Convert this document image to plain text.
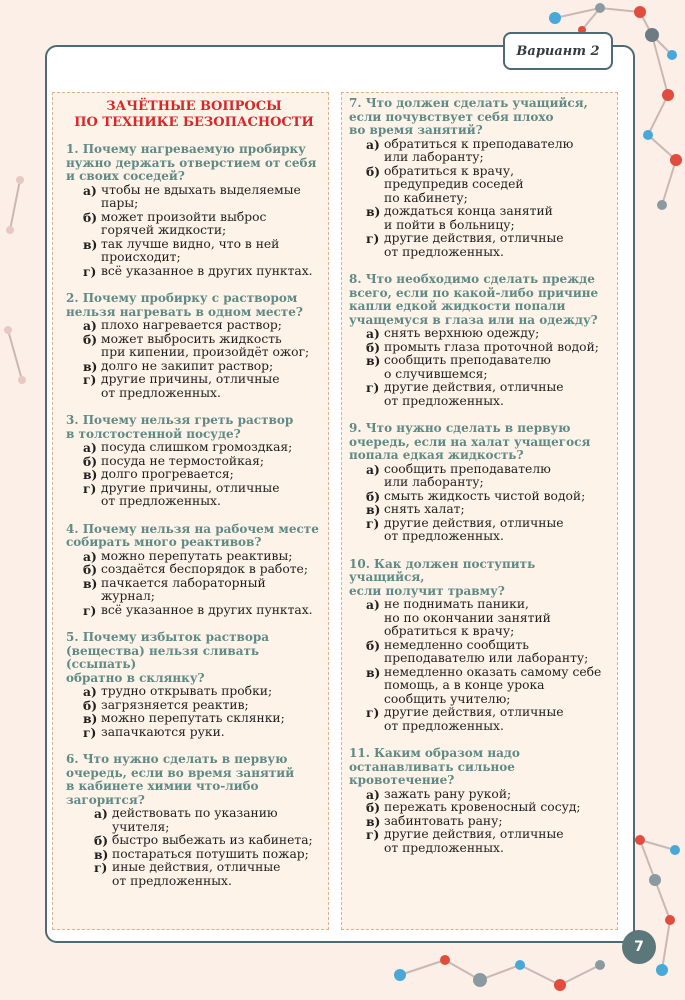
Вариант 2
ЗАЧЁТНЫЕ ВОПРОСЫ
ПО ТЕХНИКЕ БЕЗОПАСНОСТИ
1. Почему нагреваемую пробирку
нужно держать отверстием от себя
и своих соседей?
а) чтобы не вдыхать выделяемые
пары;
б) может произойти выброс
горячей жидкости;
в) так лучше видно, что в ней
происходит;
г) всё указанное в других пунктах.
2. Почему пробирку с раствором
нельзя нагревать в одном месте?
а) плохо нагревается раствор;
б) может выбросить жидкость
при кипении, произойдёт ожог;
в) долго не закипит раствор;
г) другие причины, отличные
от предложенных.
3. Почему нельзя греть раствор
в толстостенной посуде?
а) посуда слишком громоздкая;
б) посуда не термостойкая;
в) долго прогревается;
г) другие причины, отличные
от предложенных.
4. Почему нельзя на рабочем месте
собирать много реактивов?
а) можно перепутать реактивы;
б) создаётся беспорядок в работе;
в) пачкается лабораторный
журнал;
г) всё указанное в других пунктах.
5. Почему избыток раствора
(вещества) нельзя сливать (ссыпать)
обратно в склянку?
а) трудно открывать пробки;
б) загрязняется реактив;
в) можно перепутать склянки;
г) запачкаются руки.
6. Что нужно сделать в первую
очередь, если во время занятий
в кабинете химии что-либо
загорится?
а) действовать по указанию
учителя;
б) быстро выбежать из кабинета;
в) постараться потушить пожар;
г) иные действия, отличные
от предложенных.
7. Что должен сделать учащийся,
если почувствует себя плохо
во время занятий?
а) обратиться к преподавателю
или лаборанту;
б) обратиться к врачу,
предупредив соседей
по кабинету;
в) дождаться конца занятий
и пойти в больницу;
г) другие действия, отличные
от предложенных.
8. Что необходимо сделать прежде
всего, если по какой-либо причине
капли едкой жидкости попали
учащемуся в глаза или на одежду?
а) снять верхнюю одежду;
б) промыть глаза проточной водой;
в) сообщить преподавателю
о случившемся;
г) другие действия, отличные
от предложенных.
9. Что нужно сделать в первую
очередь, если на халат учащегося
попала едкая жидкость?
а) сообщить преподавателю
или лаборанту;
б) смыть жидкость чистой водой;
в) снять халат;
г) другие действия, отличные
от предложенных.
10. Как должен поступить учащийся,
если получит травму?
а) не поднимать паники,
но по окончании занятий
обратиться к врачу;
б) немедленно сообщить
преподавателю или лаборанту;
в) немедленно оказать самому себе
помощь, а в конце урока
сообщить учителю;
г) другие действия, отличные
от предложенных.
11. Каким образом надо
останавливать сильное
кровотечение?
а) зажать рану рукой;
б) пережать кровеносный сосуд;
в) забинтовать рану;
г) другие действия, отличные
от предложенных.
7
